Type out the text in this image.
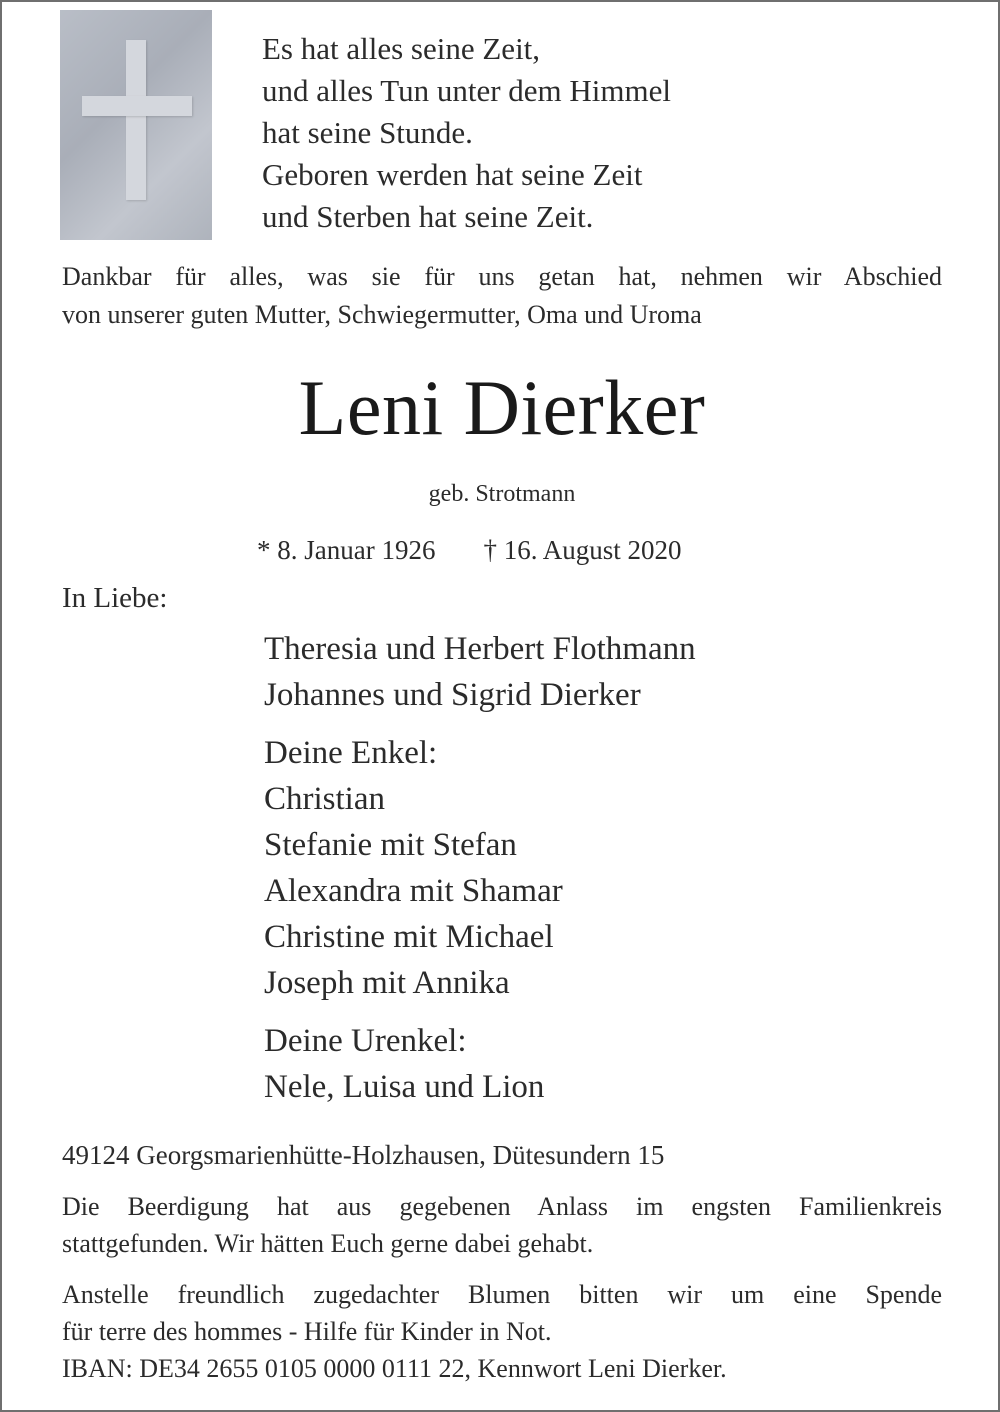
Es hat alles seine Zeit,
und alles Tun unter dem Himmel
hat seine Stunde.
Geboren werden hat seine Zeit
und Sterben hat seine Zeit.
Dankbar für alles, was sie für uns getan hat, nehmen wir Abschied
von unserer guten Mutter, Schwiegermutter, Oma und Uroma
Leni Dierker
geb. Strotmann
* 8. Januar 1926 † 16. August 2020
In Liebe:
Theresia und Herbert Flothmann
Johannes und Sigrid Dierker
Deine Enkel:
Christian
Stefanie mit Stefan
Alexandra mit Shamar
Christine mit Michael
Joseph mit Annika
Deine Urenkel:
Nele, Luisa und Lion
49124 Georgsmarienhütte-Holzhausen, Dütesundern 15
Die Beerdigung hat aus gegebenen Anlass im engsten Familienkreis
stattgefunden. Wir hätten Euch gerne dabei gehabt.
Anstelle freundlich zugedachter Blumen bitten wir um eine Spende
für terre des hommes - Hilfe für Kinder in Not.
IBAN: DE34 2655 0105 0000 0111 22, Kennwort Leni Dierker.
